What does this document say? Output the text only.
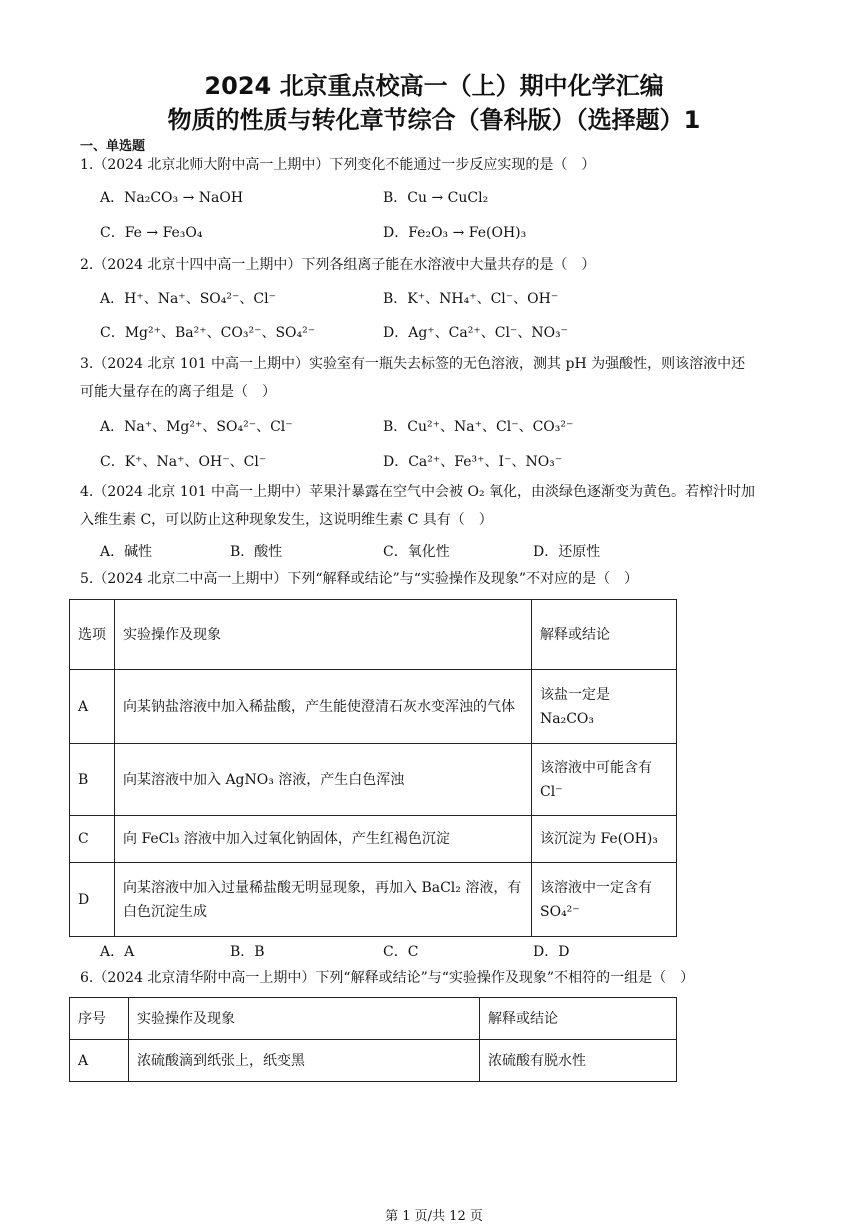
2024 北京重点校高一（上）期中化学汇编
物质的性质与转化章节综合（鲁科版）（选择题）1
一、单选题
1.（2024 北京北师大附中高一上期中）下列变化不能通过一步反应实现的是（　）
A．Na₂CO₃ → NaOH	B．Cu → CuCl₂
C．Fe → Fe₃O₄	D．Fe₂O₃ → Fe(OH)₃
2.（2024 北京十四中高一上期中）下列各组离子能在水溶液中大量共存的是（　）
A．H⁺、Na⁺、SO₄²⁻、Cl⁻	B．K⁺、NH₄⁺、Cl⁻、OH⁻
C．Mg²⁺、Ba²⁺、CO₃²⁻、SO₄²⁻	D．Ag⁺、Ca²⁺、Cl⁻、NO₃⁻
3.（2024 北京 101 中高一上期中）实验室有一瓶失去标签的无色溶液，测其 pH 为强酸性，则该溶液中还
可能大量存在的离子组是（　）
A．Na⁺、Mg²⁺、SO₄²⁻、Cl⁻	B．Cu²⁺、Na⁺、Cl⁻、CO₃²⁻
C．K⁺、Na⁺、OH⁻、Cl⁻	D．Ca²⁺、Fe³⁺、I⁻、NO₃⁻
4.（2024 北京 101 中高一上期中）苹果汁暴露在空气中会被 O₂ 氧化，由淡绿色逐渐变为黄色。若榨汁时加
入维生素 C，可以防止这种现象发生，这说明维生素 C 具有（　）
A．碱性	B．酸性	C．氧化性	D．还原性
5.（2024 北京二中高一上期中）下列“解释或结论”与“实验操作及现象”不对应的是（　）
选项	实验操作及现象	解释或结论
A	向某钠盐溶液中加入稀盐酸，产生能使澄清石灰水变浑浊的气体	该盐一定是 Na₂CO₃
B	向某溶液中加入 AgNO₃ 溶液，产生白色浑浊	该溶液中可能含有 Cl⁻
C	向 FeCl₃ 溶液中加入过氧化钠固体，产生红褐色沉淀	该沉淀为 Fe(OH)₃
D	向某溶液中加入过量稀盐酸无明显现象，再加入 BaCl₂ 溶液，有白色沉淀生成	该溶液中一定含有 SO₄²⁻
A．A	B．B	C．C	D．D
6.（2024 北京清华附中高一上期中）下列“解释或结论”与“实验操作及现象”不相符的一组是（　）
序号	实验操作及现象	解释或结论
A	浓硫酸滴到纸张上，纸变黑	浓硫酸有脱水性
第 1 页/共 12 页
